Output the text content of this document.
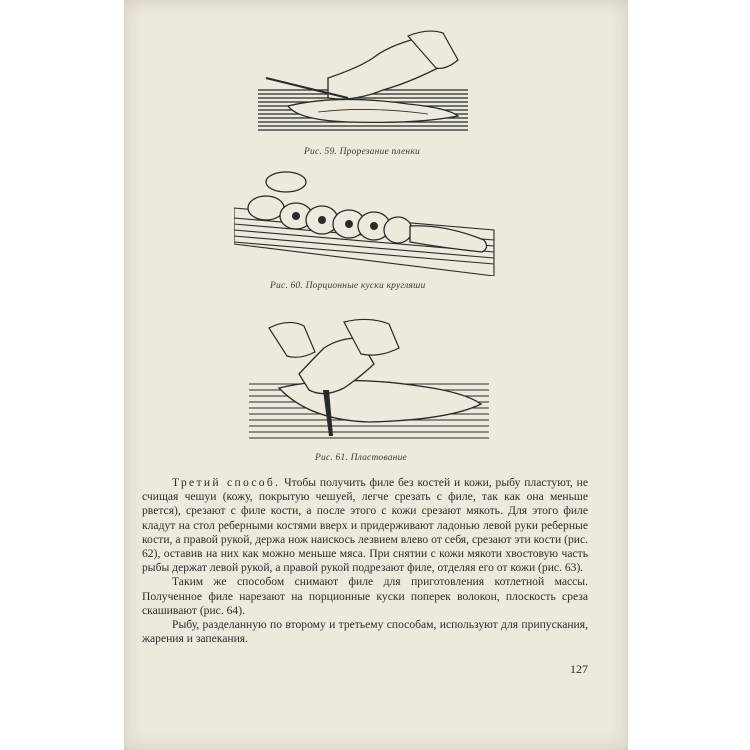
Рис. 59. Прорезание пленки
Рис. 60. Порционные куски кругляши
Рис. 61. Пластование

Третий способ. Чтобы получить филе без костей и кожи, рыбу пластуют, не счищая чешуи (кожу, покрытую чешуей, легче срезать с филе, так как она меньше рвется), срезают с филе кости, а после этого с кожи срезают мякоть. Для этого филе кладут на стол реберными костями вверх и придерживают ладонью левой руки реберные кости, а правой рукой, держа нож наискось лезвием влево от себя, срезают эти кости (рис. 62), оставив на них как можно меньше мяса. При снятии с кожи мякоти хвостовую часть рыбы держат левой рукой, а правой рукой подрезают филе, отделяя его от кожи (рис. 63).

Таким же способом снимают филе для приготовления котлетной массы. Полученное филе нарезают на порционные куски поперек волокон, плоскость среза скашивают (рис. 64).

Рыбу, разделанную по второму и третьему способам, используют для припускания, жарения и запекания.

127
